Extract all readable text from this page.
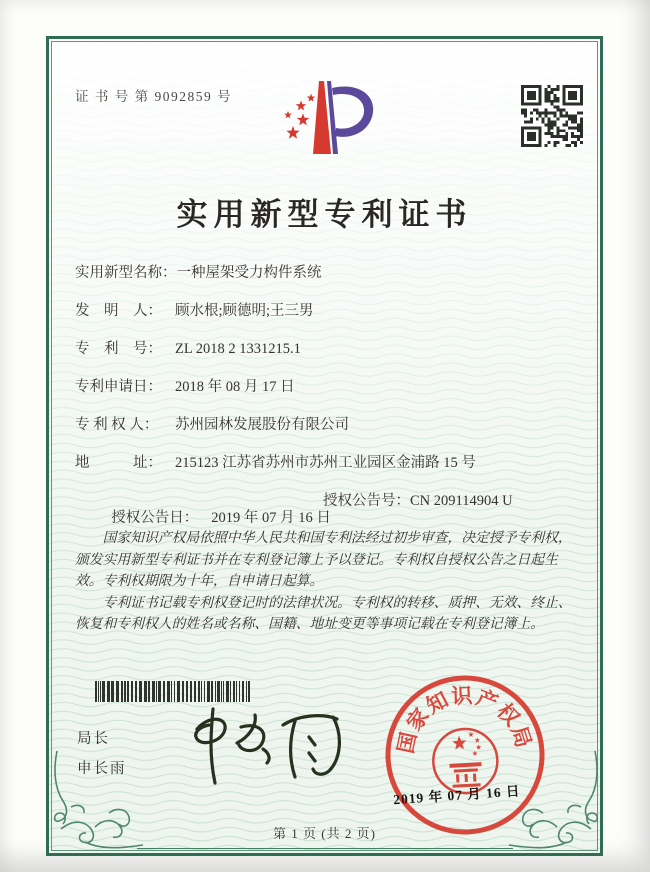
证 书 号 第 9092859 号
实用新型专利证书
实用新型名称：一种屋架受力构件系统
发　明　人： 顾水根;顾德明;王三男
专　利　号： ZL 2018 2 1331215.1
专利申请日： 2018 年 08 月 17 日
专 利 权 人： 苏州园林发展股份有限公司
地　　　址： 215123 江苏省苏州市苏州工业园区金浦路 15 号

授权公告日： 2019 年 07 月 16 日

授权公告号：CN 209114904 U

国家知识产权局依照中华人民共和国专利法经过初步审查，决定授予专利权，颁发实用新型专利证书并在专利登记簿上予以登记。专利权自授权公告之日起生效。专利权期限为十年，自申请日起算。

专利证书记载专利权登记时的法律状况。专利权的转移、质押、无效、终止、恢复和专利权人的姓名或名称、国籍、地址变更等事项记载在专利登记簿上。

局长
申长雨
国
家
知
识 产
权
局
2019 年 07 月 16 日
第 1 页 (共 2 页)
